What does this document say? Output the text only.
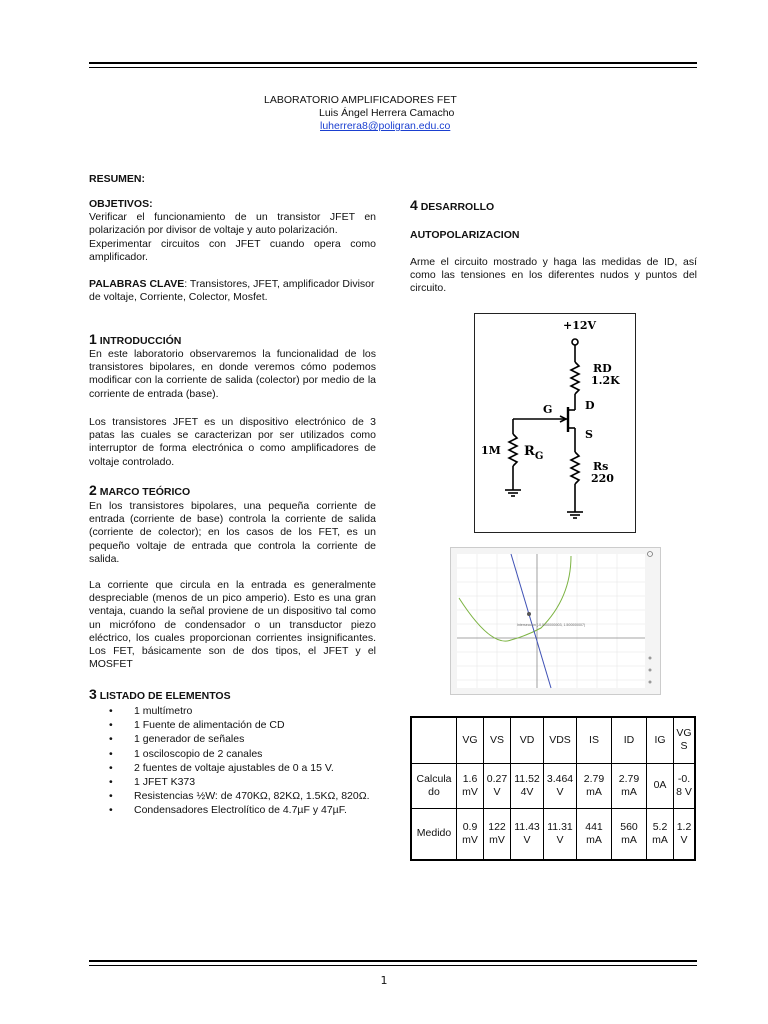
LABORATORIO AMPLIFICADORES FET
Luis Ángel Herrera Camacho
luherrera8@poligran.edu.co
RESUMEN:
OBJETIVOS:
Verificar el funcionamiento de un transistor JFET en polarización por divisor de voltaje y auto polarización.
Experimentar circuitos con JFET cuando opera como amplificador.
PALABRAS CLAVE: Transistores, JFET, amplificador Divisor de voltaje, Corriente, Colector, Mosfet.
1 INTRODUCCIÓN
En este laboratorio observaremos la funcionalidad de los transistores bipolares, en donde veremos cómo podemos modificar con la corriente de salida (colector) por medio de la corriente de entrada (base).
Los transistores JFET es un dispositivo electrónico de 3 patas las cuales se caracterizan por ser utilizados como interruptor de forma electrónica o como amplificadores de voltaje controlado.
2 MARCO TEÓRICO
En los transistores bipolares, una pequeña corriente de entrada (corriente de base) controla la corriente de salida (corriente de colector); en los casos de los FET, es un pequeño voltaje de entrada que controla la corriente de salida.
La corriente que circula en la entrada es generalmente despreciable (menos de un pico amperio). Esto es una gran ventaja, cuando la señal proviene de un dispositivo tal como un micrófono de condensador o un transductor piezo eléctrico, los cuales proporcionan corrientes insignificantes. Los FET, básicamente son de dos tipos, el JFET y el MOSFET
3 LISTADO DE ELEMENTOS
• 1 multímetro
• 1 Fuente de alimentación de CD
• 1 generador de señales
• 1 osciloscopio de 2 canales
• 2 fuentes de voltaje ajustables de 0 a 15 V.
• 1 JFET K373
• Resistencias ½W: de 470KΩ, 82KΩ, 1.5KΩ, 820Ω.
• Condensadores Electrolítico de 4.7µF y 47µF.
4 DESARROLLO
AUTOPOLARIZACION
Arme el circuito mostrado y haga las medidas de ID, así como las tensiones en los diferentes nudos y puntos del circuito.
+12V
RD
1.2K
G	D
S
1M $R_G$
Rs
220
Intersección (-0.5000000003, 1.500000007)
	VG	VS	VD	VDS	IS	ID	IG	VGS
Calculado	1.6 mV	0.27V	11.524V	3.464V	2.79 mA	2.79 mA	0A	-0.8 V
Medido	0.9 mV	122 mV	11.43V	11.31V	441 mA	560 mA	5.2 mA	1.2 V
1
